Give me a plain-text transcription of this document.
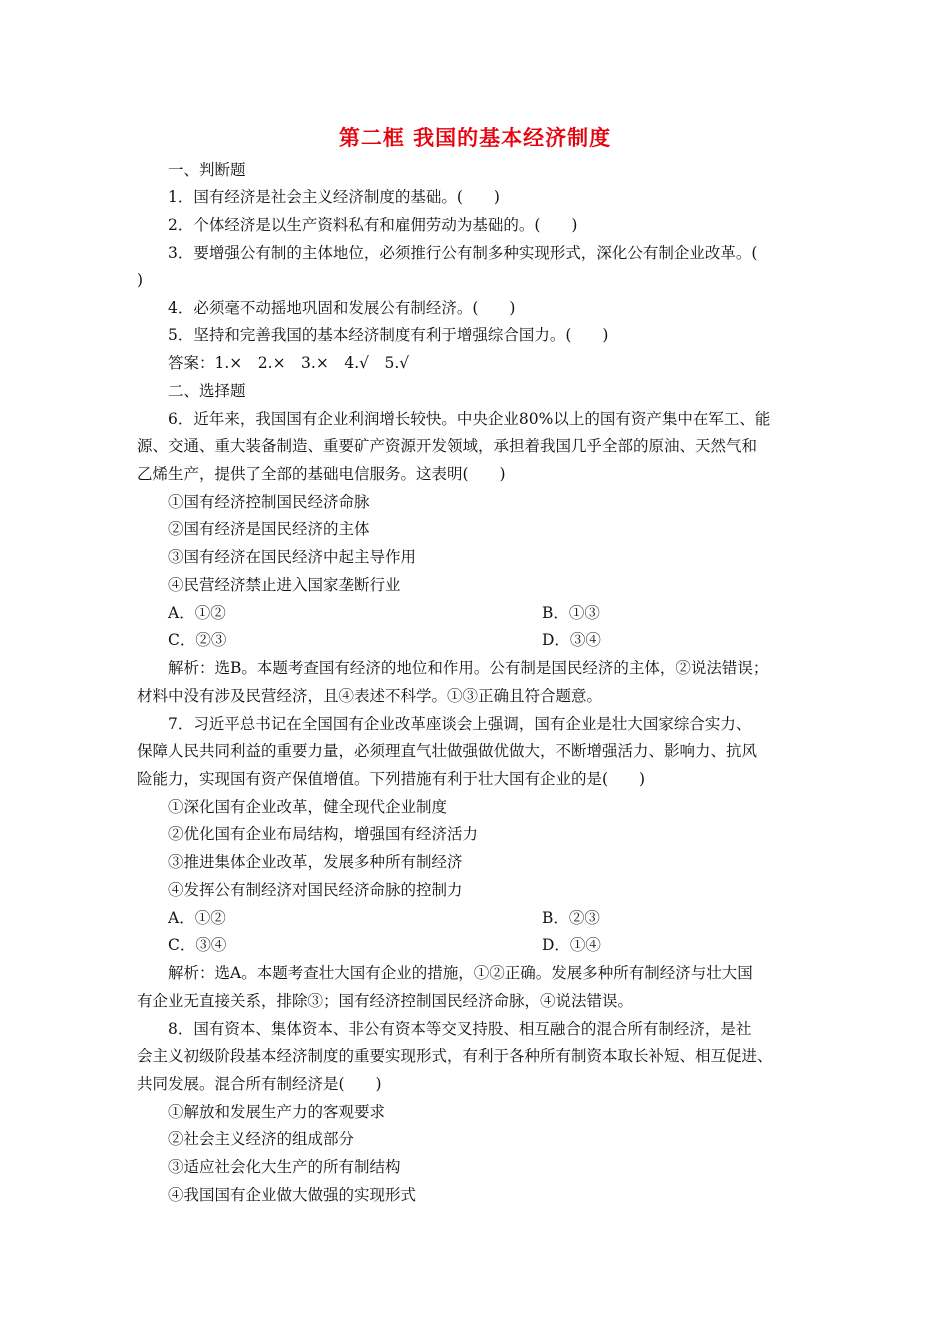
第二框 我国的基本经济制度
一、判断题
1．国有经济是社会主义经济制度的基础。(　　)
2．个体经济是以生产资料私有和雇佣劳动为基础的。(　　)
3．要增强公有制的主体地位，必须推行公有制多种实现形式，深化公有制企业改革。(
)
4．必须毫不动摇地巩固和发展公有制经济。(　　)
5．坚持和完善我国的基本经济制度有利于增强综合国力。(　　)
答案：1.×　2.×　3.×　4.√　5.√
二、选择题
6．近年来，我国国有企业利润增长较快。中央企业80%以上的国有资产集中在军工、能
源、交通、重大装备制造、重要矿产资源开发领域，承担着我国几乎全部的原油、天然气和
乙烯生产，提供了全部的基础电信服务。这表明(　　)
①国有经济控制国民经济命脉
②国有经济是国民经济的主体
③国有经济在国民经济中起主导作用
④民营经济禁止进入国家垄断行业
A．①②	B．①③
C．②③	D．③④
解析：选B。本题考查国有经济的地位和作用。公有制是国民经济的主体，②说法错误；
材料中没有涉及民营经济，且④表述不科学。①③正确且符合题意。
7．习近平总书记在全国国有企业改革座谈会上强调，国有企业是壮大国家综合实力、
保障人民共同利益的重要力量，必须理直气壮做强做优做大，不断增强活力、影响力、抗风
险能力，实现国有资产保值增值。下列措施有利于壮大国有企业的是(　　)
①深化国有企业改革，健全现代企业制度
②优化国有企业布局结构，增强国有经济活力
③推进集体企业改革，发展多种所有制经济
④发挥公有制经济对国民经济命脉的控制力
A．①②	B．②③
C．③④	D．①④
解析：选A。本题考查壮大国有企业的措施，①②正确。发展多种所有制经济与壮大国
有企业无直接关系，排除③；国有经济控制国民经济命脉，④说法错误。
8．国有资本、集体资本、非公有资本等交叉持股、相互融合的混合所有制经济，是社
会主义初级阶段基本经济制度的重要实现形式，有利于各种所有制资本取长补短、相互促进、
共同发展。混合所有制经济是(　　)
①解放和发展生产力的客观要求
②社会主义经济的组成部分
③适应社会化大生产的所有制结构
④我国国有企业做大做强的实现形式
